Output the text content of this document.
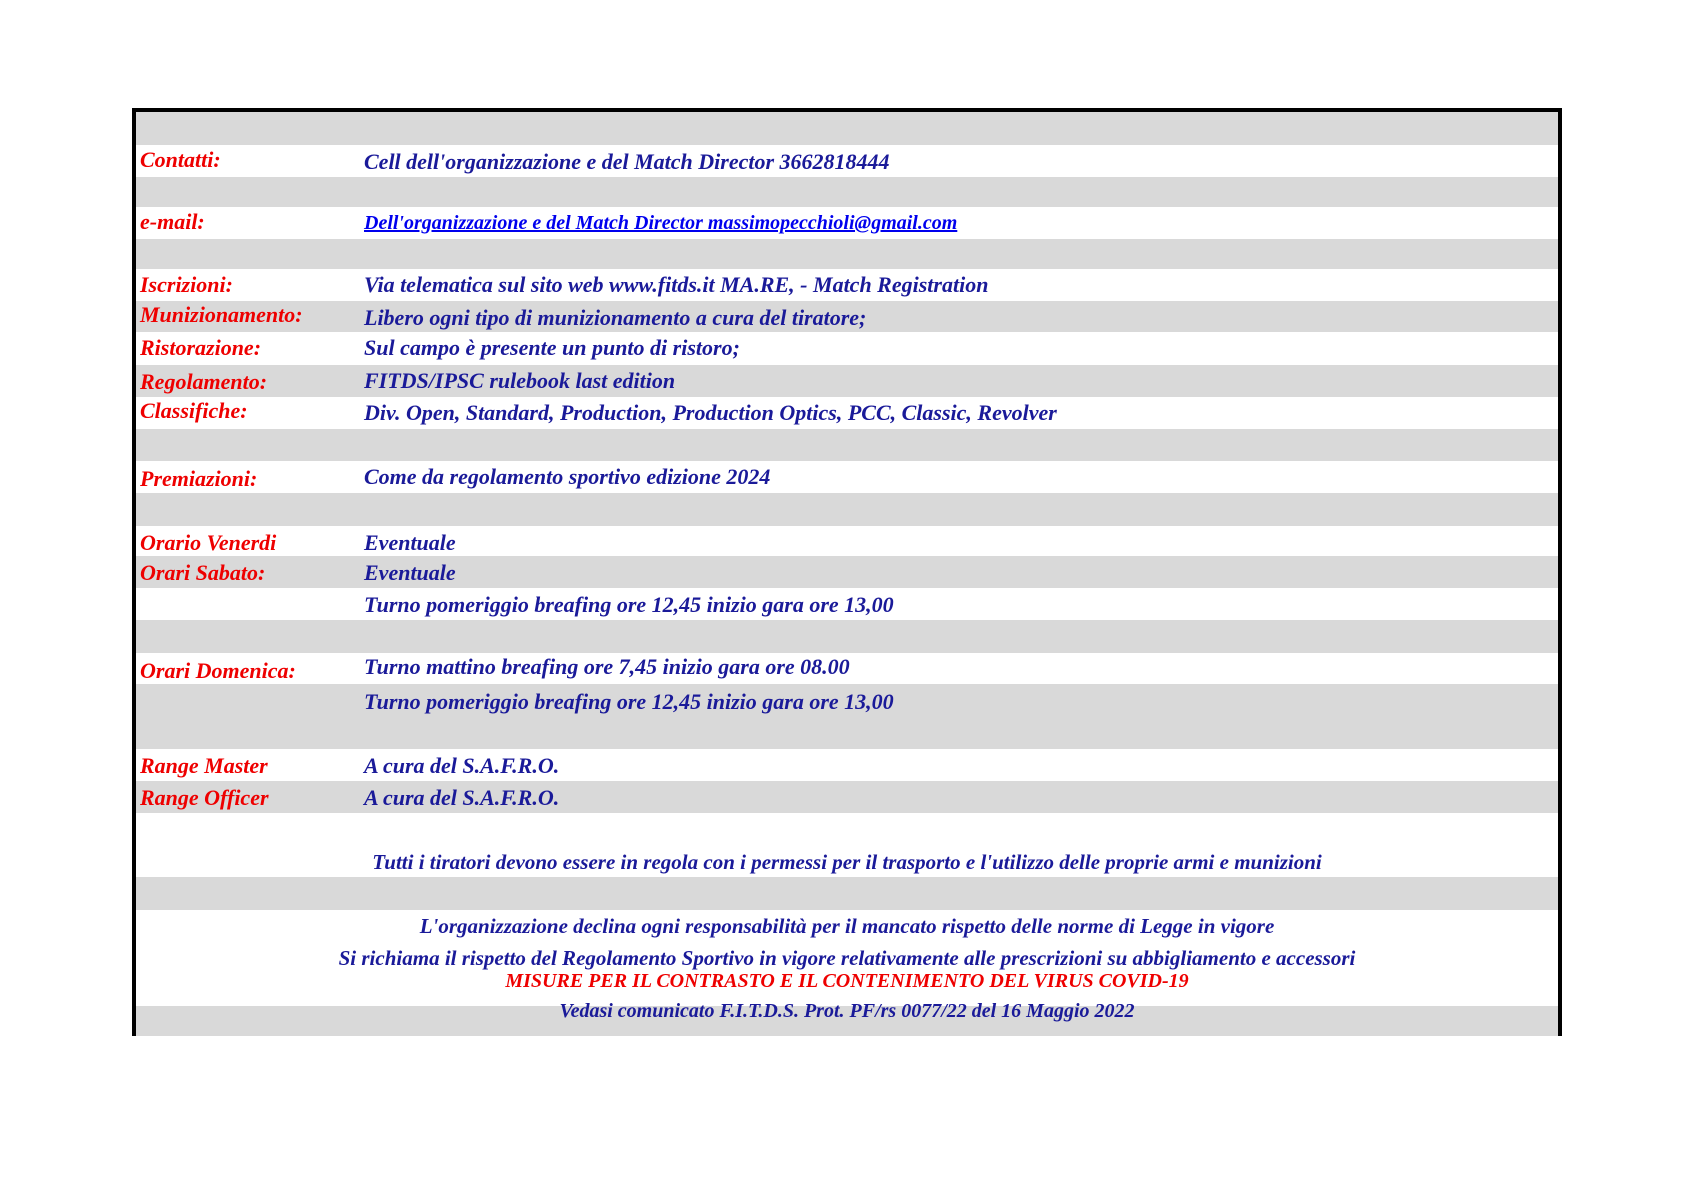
Contatti:	Cell dell'organizzazione e del Match Director 3662818444
e-mail:	Dell'organizzazione e del Match Director massimopecchioli@gmail.com
Iscrizioni:	Via telematica sul sito web www.fitds.it MA.RE, - Match Registration
Munizionamento:	Libero ogni tipo di munizionamento a cura del tiratore;
Ristorazione:	Sul campo è presente un punto di ristoro;
Regolamento:	FITDS/IPSC rulebook last edition
Classifiche:	Div. Open, Standard, Production, Production Optics, PCC, Classic, Revolver
Premiazioni:	Come da regolamento sportivo edizione 2024
Orario Venerdi	Eventuale
Orari Sabato:	Eventuale
Turno pomeriggio breafing ore 12,45 inizio gara ore 13,00
Orari Domenica:	Turno mattino breafing ore 7,45 inizio gara ore 08.00
Turno pomeriggio breafing ore 12,45 inizio gara ore 13,00
Range Master	A cura del S.A.F.R.O.
Range Officer	A cura del S.A.F.R.O.
Tutti i tiratori devono essere in regola con i permessi per il trasporto e l'utilizzo delle proprie armi e munizioni
L'organizzazione declina ogni responsabilità per il mancato rispetto delle norme di Legge in vigore
Si richiama il rispetto del Regolamento Sportivo in vigore relativamente alle prescrizioni su abbigliamento e accessori
MISURE PER IL CONTRASTO E IL CONTENIMENTO DEL VIRUS COVID-19
Vedasi comunicato F.I.T.D.S. Prot. PF/rs 0077/22 del 16 Maggio 2022
